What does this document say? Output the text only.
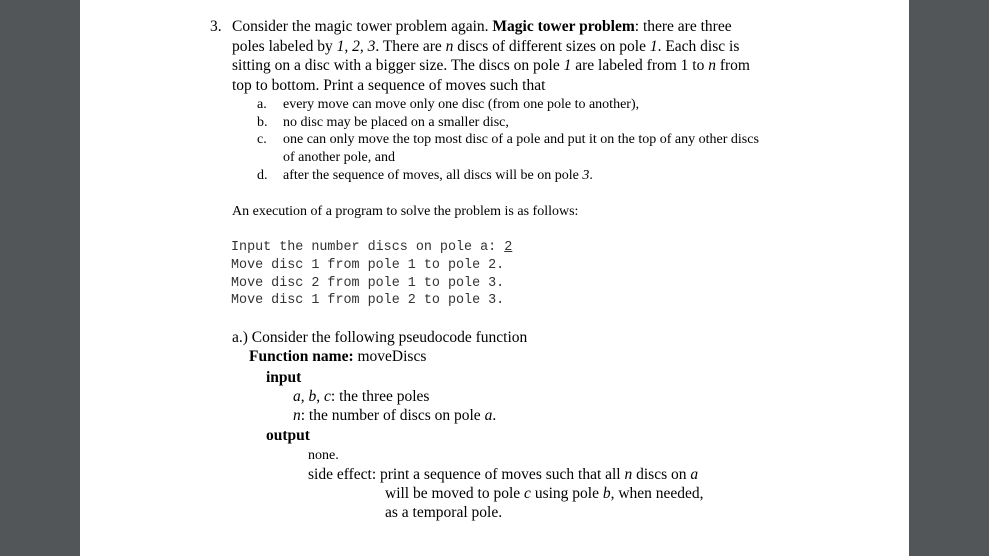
3. Consider the magic tower problem again. Magic tower problem: there are three
poles labeled by 1, 2, 3. There are n discs of different sizes on pole 1. Each disc is
sitting on a disc with a bigger size. The discs on pole 1 are labeled from 1 to n from
top to bottom. Print a sequence of moves such that
a. every move can move only one disc (from one pole to another),
b. no disc may be placed on a smaller disc,
c. one can only move the top most disc of a pole and put it on the top of any other discs
of another pole, and
d. after the sequence of moves, all discs will be on pole 3.
An execution of a program to solve the problem is as follows:
Input the number discs on pole a: 2
Move disc 1 from pole 1 to pole 2.
Move disc 2 from pole 1 to pole 3.
Move disc 1 from pole 2 to pole 3.
a.) Consider the following pseudocode function
Function name: moveDiscs
input
a, b, c: the three poles
n: the number of discs on pole a.
output
none.
side effect: print a sequence of moves such that all n discs on a
will be moved to pole c using pole b, when needed,
as a temporal pole.
